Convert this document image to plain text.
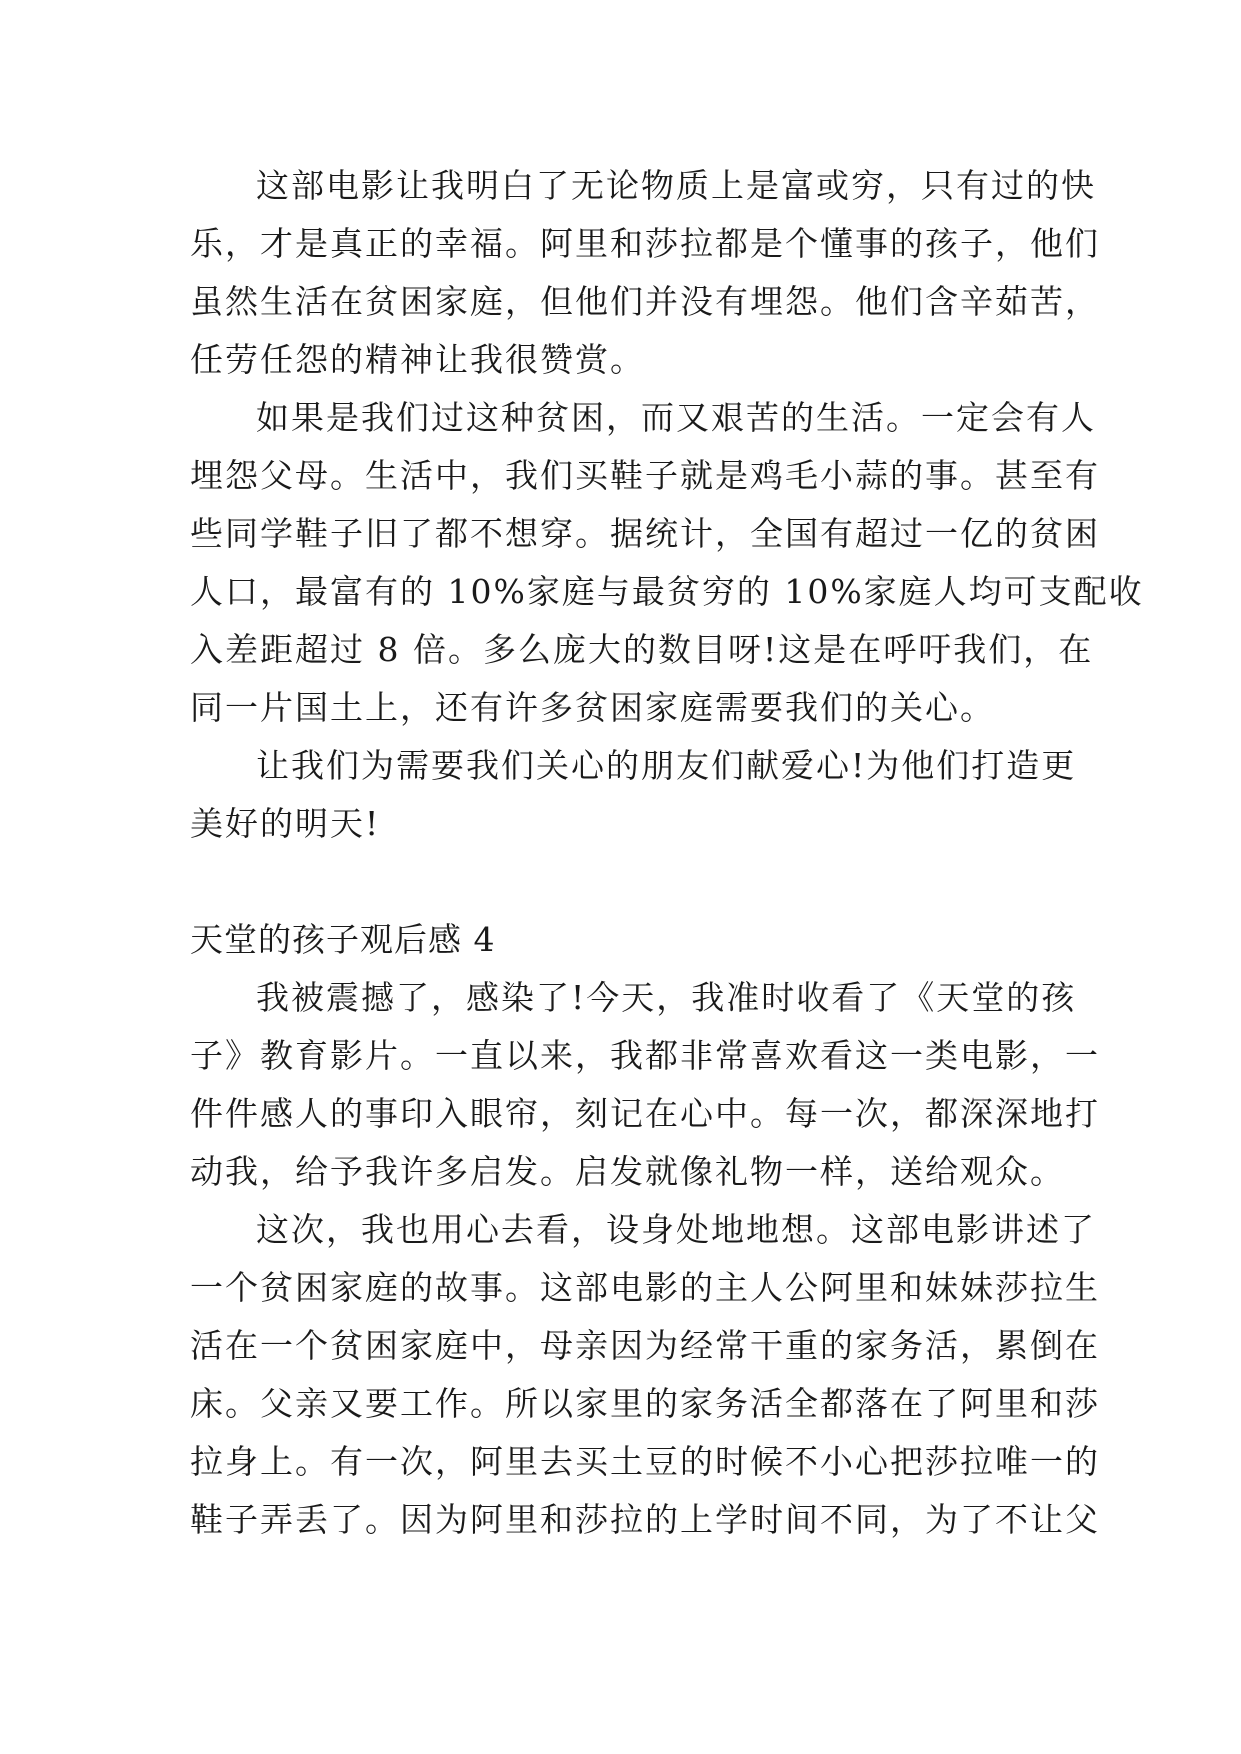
这部电影让我明白了无论物质上是富或穷，只有过的快
乐，才是真正的幸福。阿里和莎拉都是个懂事的孩子，他们
虽然生活在贫困家庭，但他们并没有埋怨。他们含辛茹苦，
任劳任怨的精神让我很赞赏。
如果是我们过这种贫困，而又艰苦的生活。一定会有人
埋怨父母。生活中，我们买鞋子就是鸡毛小蒜的事。甚至有
些同学鞋子旧了都不想穿。据统计，全国有超过一亿的贫困
人口，最富有的 10%家庭与最贫穷的 10%家庭人均可支配收
入差距超过 8 倍。多么庞大的数目呀!这是在呼吁我们，在
同一片国土上，还有许多贫困家庭需要我们的关心。
让我们为需要我们关心的朋友们献爱心!为他们打造更
美好的明天!
天堂的孩子观后感 4
我被震撼了，感染了!今天，我准时收看了《天堂的孩
子》教育影片。一直以来，我都非常喜欢看这一类电影，一
件件感人的事印入眼帘，刻记在心中。每一次，都深深地打
动我，给予我许多启发。启发就像礼物一样，送给观众。
这次，我也用心去看，设身处地地想。这部电影讲述了
一个贫困家庭的故事。这部电影的主人公阿里和妹妹莎拉生
活在一个贫困家庭中，母亲因为经常干重的家务活，累倒在
床。父亲又要工作。所以家里的家务活全都落在了阿里和莎
拉身上。有一次，阿里去买土豆的时候不小心把莎拉唯一的
鞋子弄丢了。因为阿里和莎拉的上学时间不同，为了不让父
